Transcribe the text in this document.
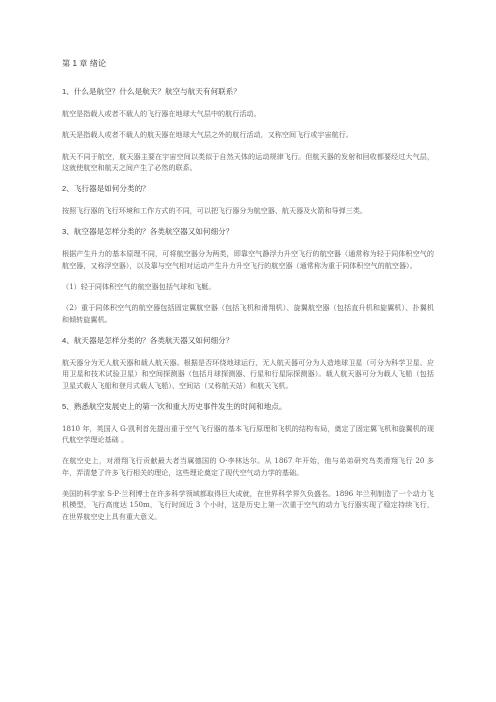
第 1 章 绪论
1、什么是航空？什么是航天？航空与航天有何联系？
航空是指载人或者不载人的飞行器在地球大气层中的航行活动。
航天是指载人或者不载人的航天器在地球大气层之外的航行活动，又称空间飞行或宇宙航行。
航天不同于航空，航天器主要在宇宙空间以类似于自然天体的运动规律飞行。但航天器的发射和回收都要经过大气层，这就使航空和航天之间产生了必然的联系。
2、飞行器是如何分类的？
按照飞行器的飞行环境和工作方式的不同，可以把飞行器分为航空器、航天器及火箭和导弹三类。
3、航空器是怎样分类的？各类航空器又如何细分？
根据产生升力的基本原理不同，可将航空器分为两类，即靠空气静浮力升空飞行的航空器（通常称为轻于同体积空气的航空器，又称浮空器），以及靠与空气相对运动产生升力升空飞行的航空器（通常称为重于同体积空气的航空器）。
（1）轻于同体积空气的航空器包括气球和飞艇。
（2）重于同体积空气的航空器包括固定翼航空器（包括飞机和滑翔机）、旋翼航空器（包括直升机和旋翼机）、扑翼机和倾转旋翼机。
4、航天器是怎样分类的？各类航天器又如何细分？
航天器分为无人航天器和载人航天器。根据是否环绕地球运行，无人航天器可分为人造地球卫星（可分为科学卫星、应用卫星和技术试验卫星）和空间探测器（包括月球探测器、行星和行星际探测器）。载人航天器可分为载人飞船（包括卫星式载人飞船和登月式载人飞船）、空间站（又称航天站）和航天飞机。
5、熟悉航空发展史上的第一次和重大历史事件发生的时间和地点。
1810 年，英国人 G·凯利首先提出重于空气飞行器的基本飞行原理和飞机的结构布局，奠定了固定翼飞机和旋翼机的现代航空学理论基础 。
在航空史上，对滑翔飞行贡献最大者当属德国的 O·李林达尔。从 1867 年开始，他与弟弟研究鸟类滑翔飞行 20 多年，弄清楚了许多飞行相关的理论，这些理论奠定了现代空气动力学的基础。
美国的科学家 S·P·兰利博士在许多科学领域都取得巨大成就，在世界科学界久负盛名。1896 年兰利制造了一个动力飞机模型，飞行高度达 150m，飞行时间近 3 个小时，这是历史上第一次重于空气的动力飞行器实现了稳定持续飞行，在世界航空史上具有重大意义。
